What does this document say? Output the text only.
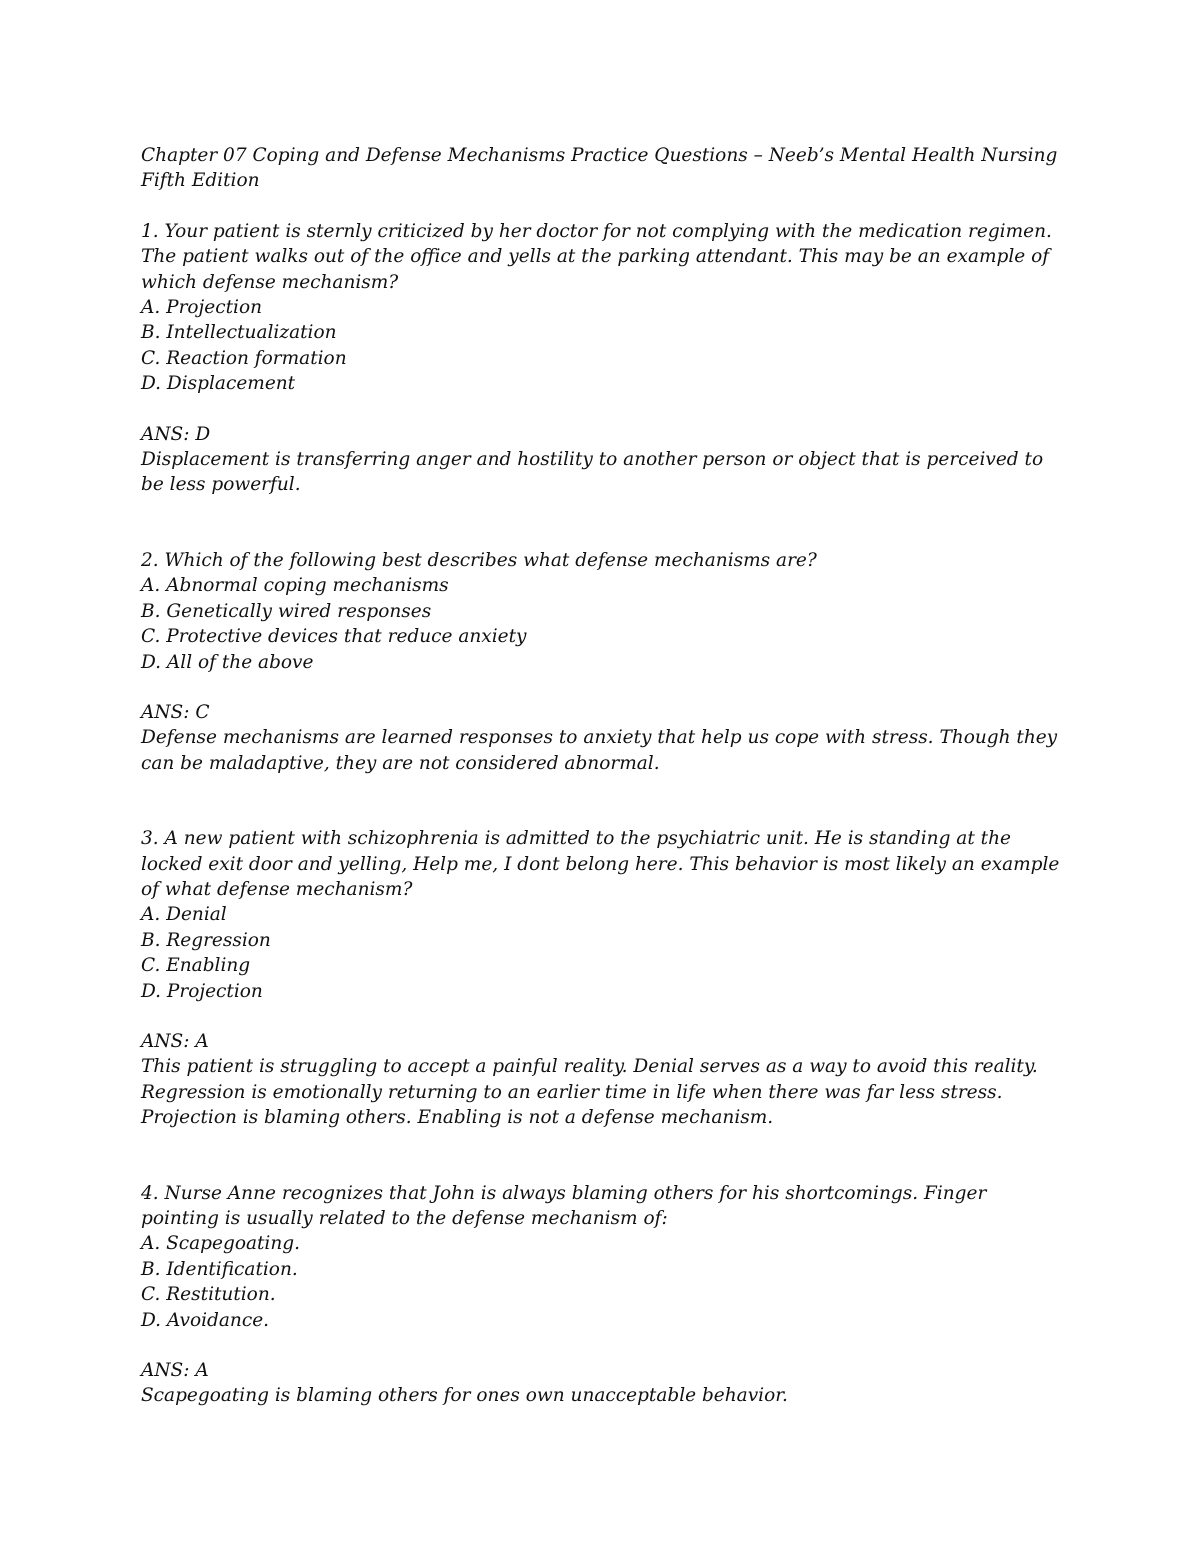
Chapter 07 Coping and Defense Mechanisms Practice Questions – Neeb’s Mental Health Nursing Fifth Edition

1. Your patient is sternly criticized by her doctor for not complying with the medication regimen. The patient walks out of the office and yells at the parking attendant. This may be an example of which defense mechanism?

A. Projection

B. Intellectualization

C. Reaction formation

D. Displacement

ANS: D

Displacement is transferring anger and hostility to another person or object that is perceived to be less powerful.

2. Which of the following best describes what defense mechanisms are?

A. Abnormal coping mechanisms

B. Genetically wired responses

C. Protective devices that reduce anxiety

D. All of the above

ANS: C

Defense mechanisms are learned responses to anxiety that help us cope with stress. Though they can be maladaptive, they are not considered abnormal.

3. A new patient with schizophrenia is admitted to the psychiatric unit. He is standing at the locked exit door and yelling, Help me, I dont belong here. This behavior is most likely an example of what defense mechanism?

A. Denial

B. Regression

C. Enabling

D. Projection

ANS: A

This patient is struggling to accept a painful reality. Denial serves as a way to avoid this reality. Regression is emotionally returning to an earlier time in life when there was far less stress. Projection is blaming others. Enabling is not a defense mechanism.

4. Nurse Anne recognizes that John is always blaming others for his shortcomings. Finger pointing is usually related to the defense mechanism of:

A. Scapegoating.

B. Identification.

C. Restitution.

D. Avoidance.

ANS: A

Scapegoating is blaming others for ones own unacceptable behavior.
